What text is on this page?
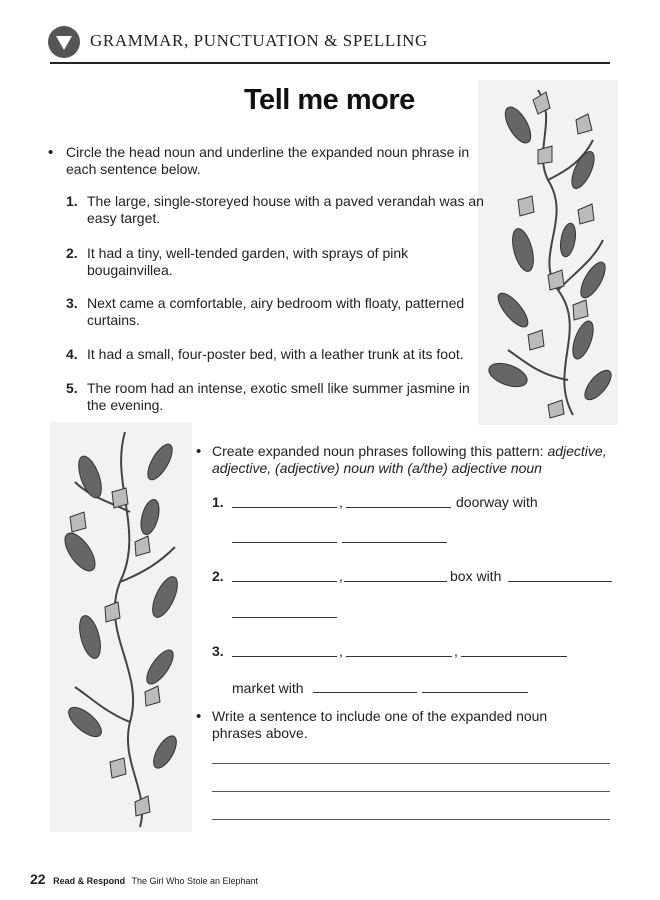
GRAMMAR, PUNCTUATION & SPELLING
Tell me more
• Circle the head noun and underline the expanded noun phrase in
each sentence below.
1. The large, single-storeyed house with a paved verandah was an
easy target.
2. It had a tiny, well-tended garden, with sprays of pink
bougainvillea.
3. Next came a comfortable, airy bedroom with floaty, patterned
curtains.
4. It had a small, four-poster bed, with a leather trunk at its foot.
5. The room had an intense, exotic smell like summer jasmine in
the evening.
• Create expanded noun phrases following this pattern: adjective,
adjective, (adjective) noun with (a/the) adjective noun
1.	,	doorway with
2.	,	box with
3.	,	,
market with
• Write a sentence to include one of the expanded noun
phrases above.
22 Read & Respond The Girl Who Stole an Elephant
